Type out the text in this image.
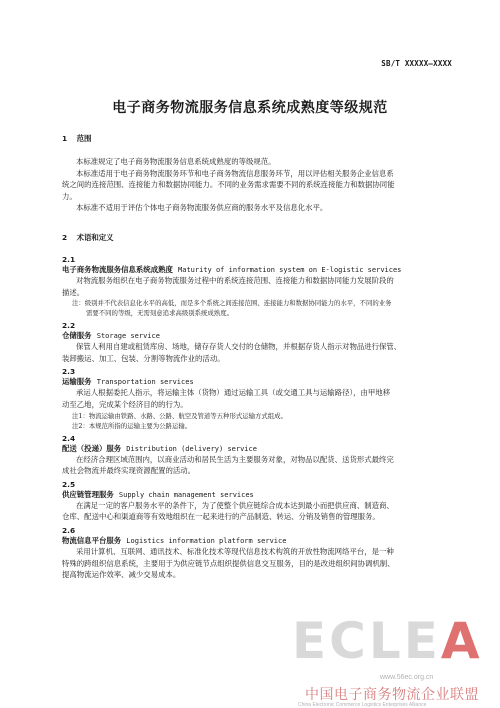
SB/T XXXXX—XXXX
电子商务物流服务信息系统成熟度等级规范

1 范围

本标准规定了电子商务物流服务信息系统成熟度的等级规范。

本标准适用于电子商务物流服务环节和电子商务物流信息服务环节，用以评估相关服务企业信息系

统之间的连接范围、连接能力和数据协同能力。不同的业务需求需要不同的系统连接能力和数据协同能

力。

本标准不适用于评估个体电子商务物流服务供应商的服务水平及信息化水平。

2 术语和定义

2.1

电子商务物流服务信息系统成熟度 Maturity of information system on E-logistic services

对物流服务组织在电子商务物流服务过程中的系统连接范围、连接能力和数据协同能力发展阶段的

描述。

注：级别并不代表信息化水平的高低，而是多个系统之间连接范围、连接能力和数据协同能力的水平，不同的业务

需要不同的等级，无需刻意追求高级别系统成熟度。

2.2

仓储服务 Storage service

保管人利用自建或租赁库房、场地，储存存货人交付的仓储物，并根据存货人指示对物品进行保管、

装卸搬运、加工、包装、分割等物流作业的活动。

2.3

运输服务 Transportation services

承运人根据委托人指示，将运输主体（货物）通过运输工具（或交通工具与运输路径），由甲地移

动至乙地，完成某个经济目的的行为。

注1：物流运输由铁路、水路、公路、航空及管道等五种形式运输方式组成。

注2：本规范所指的运输主要为公路运输。

2.4

配送（投递）服务 Distribution (delivery) service

在经济合理区域范围内，以商业活动和居民生活为主要服务对象，对物品以配货、送货形式最终完

成社会物流并最终实现资源配置的活动。

2.5

供应链管理服务 Supply chain management services

在满足一定的客户服务水平的条件下，为了使整个供应链综合成本达到最小而把供应商、制造商、

仓库、配送中心和渠道商等有效地组织在一起来进行的产品制造、转运、分销及销售的管理服务。

2.6

物流信息平台服务 Logistics information platform service

采用计算机、互联网、通讯技术、标准化技术等现代信息技术构筑的开放性物流网络平台，是一种

特殊的跨组织信息系统，主要用于为供应链节点组织提供信息交互服务，目的是改进组织间协调机制、

提高物流运作效率、减少交易成本。

ECLEA
www.56ec.org.cn
中国电子商务物流企业联盟
China Electronic Commerce Logistics Enterprises Alliance
